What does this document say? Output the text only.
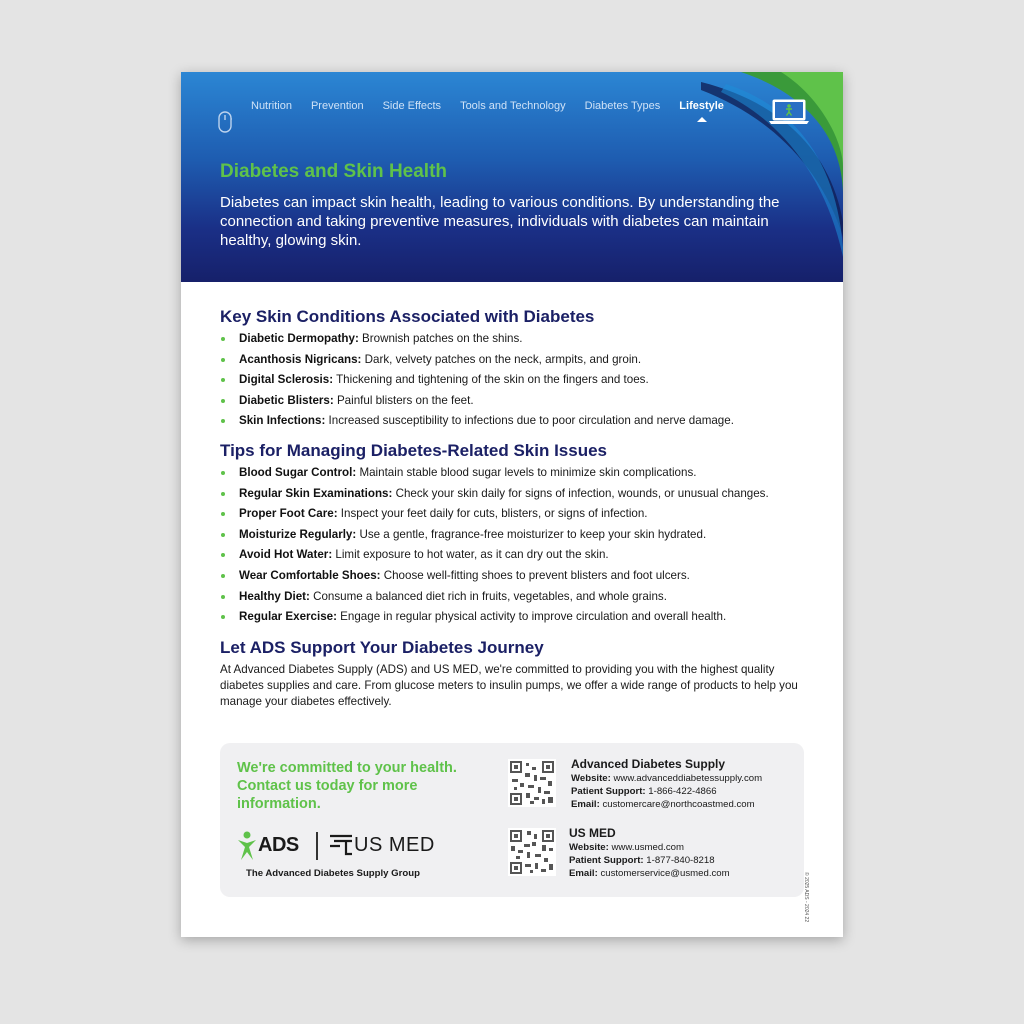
Nutrition Prevention Side Effects Tools and Technology Diabetes Types Lifestyle
Diabetes and Skin Health

Diabetes can impact skin health, leading to various conditions. By understanding the connection and taking preventive measures, individuals with diabetes can maintain healthy, glowing skin.

Key Skin Conditions Associated with Diabetes
Diabetic Dermopathy: Brownish patches on the shins.
Acanthosis Nigricans: Dark, velvety patches on the neck, armpits, and groin.
Digital Sclerosis: Thickening and tightening of the skin on the fingers and toes.
Diabetic Blisters: Painful blisters on the feet.
Skin Infections: Increased susceptibility to infections due to poor circulation and nerve damage.
Tips for Managing Diabetes-Related Skin Issues
Blood Sugar Control: Maintain stable blood sugar levels to minimize skin complications.
Regular Skin Examinations: Check your skin daily for signs of infection, wounds, or unusual changes.
Proper Foot Care: Inspect your feet daily for cuts, blisters, or signs of infection.
Moisturize Regularly: Use a gentle, fragrance-free moisturizer to keep your skin hydrated.
Avoid Hot Water: Limit exposure to hot water, as it can dry out the skin.
Wear Comfortable Shoes: Choose well-fitting shoes to prevent blisters and foot ulcers.
Healthy Diet: Consume a balanced diet rich in fruits, vegetables, and whole grains.
Regular Exercise: Engage in regular physical activity to improve circulation and overall health.
Let ADS Support Your Diabetes Journey

At Advanced Diabetes Supply (ADS) and US MED, we're committed to providing you with the highest quality diabetes supplies and care. From glucose meters to insulin pumps, we offer a wide range of products to help you manage your diabetes effectively.

We're committed to your health. Contact us today for more information.

ADS	US MED
The Advanced Diabetes Supply Group
Advanced Diabetes Supply
Website: www.advanceddiabetessupply.com
Patient Support: 1-866-422-4866
Email: customercare@northcoastmed.com
US MED
Website: www.usmed.com
Patient Support: 1-877-840-8218
Email: customerservice@usmed.com	© 2025 ADS - 2024 22
